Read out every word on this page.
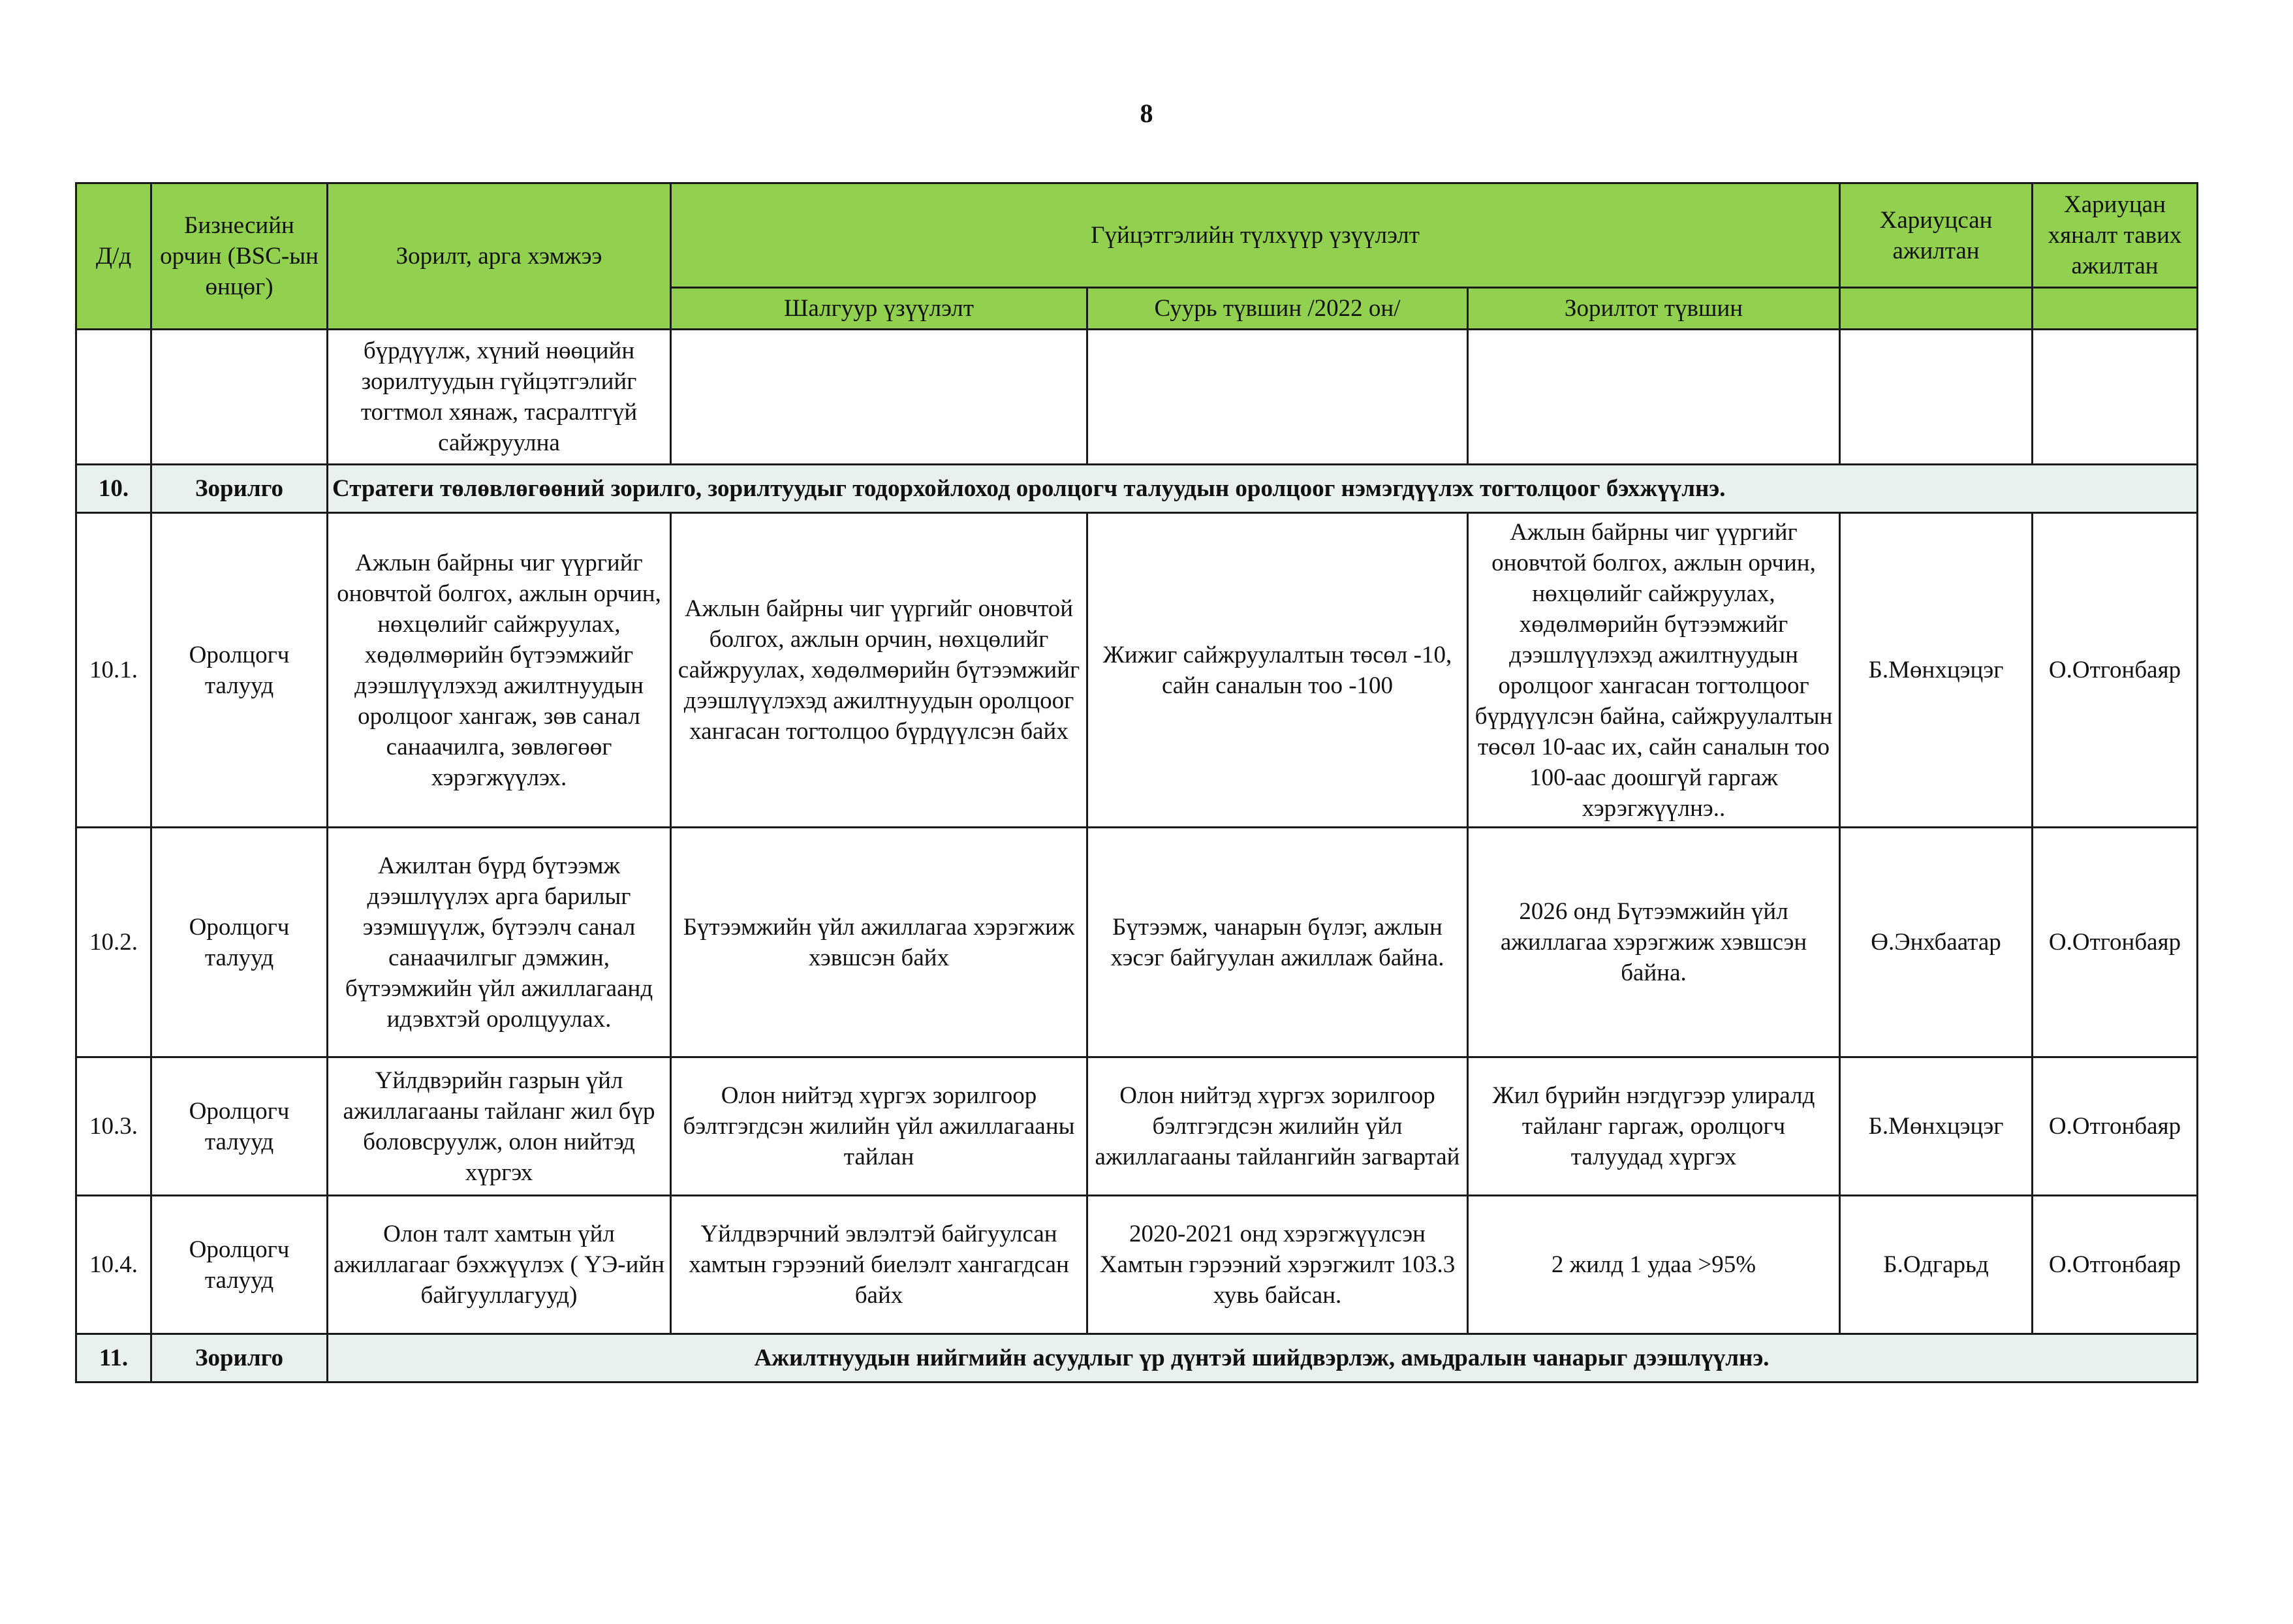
8
Д/д	Бизнесийн орчин (BSC-ын өнцөг)	Зорилт, арга хэмжээ	Гүйцэтгэлийн түлхүүр үзүүлэлт			Хариуцсан ажилтан	Хариуцан хяналт тавих ажилтан
			Шалгуур үзүүлэлт	Суурь түвшин /2022 он/	Зорилтот түвшин		
		бүрдүүлж, хүний нөөцийн зорилтуудын гүйцэтгэлийг тогтмол хянаж, тасралтгүй сайжруулна					
10.	Зорилго	Стратеги төлөвлөгөөний зорилго, зорилтуудыг тодорхойлоход оролцогч талуудын оролцоог нэмэгдүүлэх тогтолцоог бэхжүүлнэ.					
10.1.	Оролцогч талууд	Ажлын байрны чиг үүргийг оновчтой болгох, ажлын орчин, нөхцөлийг сайжруулах, хөдөлмөрийн бүтээмжийг дээшлүүлэхэд ажилтнуудын оролцоог хангаж, зөв санал санаачилга, зөвлөгөөг хэрэгжүүлэх.	Ажлын байрны чиг үүргийг оновчтой болгох, ажлын орчин, нөхцөлийг сайжруулах, хөдөлмөрийн бүтээмжийг дээшлүүлэхэд ажилтнуудын оролцоог хангасан тогтолцоо бүрдүүлсэн байх	Жижиг сайжруулалтын төсөл -10, сайн саналын тоо -100	Ажлын байрны чиг үүргийг оновчтой болгох, ажлын орчин, нөхцөлийг сайжруулах, хөдөлмөрийн бүтээмжийг дээшлүүлэхэд ажилтнуудын оролцоог хангасан тогтолцоог бүрдүүлсэн байна, сайжруулалтын төсөл 10-аас их, сайн саналын тоо 100-аас доошгүй гаргаж хэрэгжүүлнэ..	Б.Мөнхцэцэг	О.Отгонбаяр
10.2.	Оролцогч талууд	Ажилтан бүрд бүтээмж дээшлүүлэх арга барилыг эзэмшүүлж, бүтээлч санал санаачилгыг дэмжин, бүтээмжийн үйл ажиллагаанд идэвхтэй оролцуулах.	Бүтээмжийн үйл ажиллагаа хэрэгжиж хэвшсэн байх	Бүтээмж, чанарын бүлэг, ажлын хэсэг байгуулан ажиллаж байна.	2026 онд Бүтээмжийн үйл ажиллагаа хэрэгжиж хэвшсэн байна.	Ө.Энхбаатар	О.Отгонбаяр
10.3.	Оролцогч талууд	Үйлдвэрийн газрын үйл ажиллагааны тайланг жил бүр боловсруулж, олон нийтэд хүргэх	Олон нийтэд хүргэх зорилгоор бэлтгэгдсэн жилийн үйл ажиллагааны тайлан	Олон нийтэд хүргэх зорилгоор бэлтгэгдсэн жилийн үйл ажиллагааны тайлангийн загвартай	Жил бүрийн нэгдүгээр улиралд тайланг гаргаж, оролцогч талуудад хүргэх	Б.Мөнхцэцэг	О.Отгонбаяр
10.4.	Оролцогч талууд	Олон талт хамтын үйл ажиллагааг бэхжүүлэх ( ҮЭ-ийн байгууллагууд)	Үйлдвэрчний эвлэлтэй байгуулсан хамтын гэрээний биелэлт хангагдсан байх	2020-2021 онд хэрэгжүүлсэн Хамтын гэрээний хэрэгжилт 103.3 хувь байсан.	2 жилд 1 удаа >95%	Б.Одгарьд	О.Отгонбаяр
11.	Зорилго	Ажилтнуудын нийгмийн асуудлыг үр дүнтэй шийдвэрлэж, амьдралын чанарыг дээшлүүлнэ.					
